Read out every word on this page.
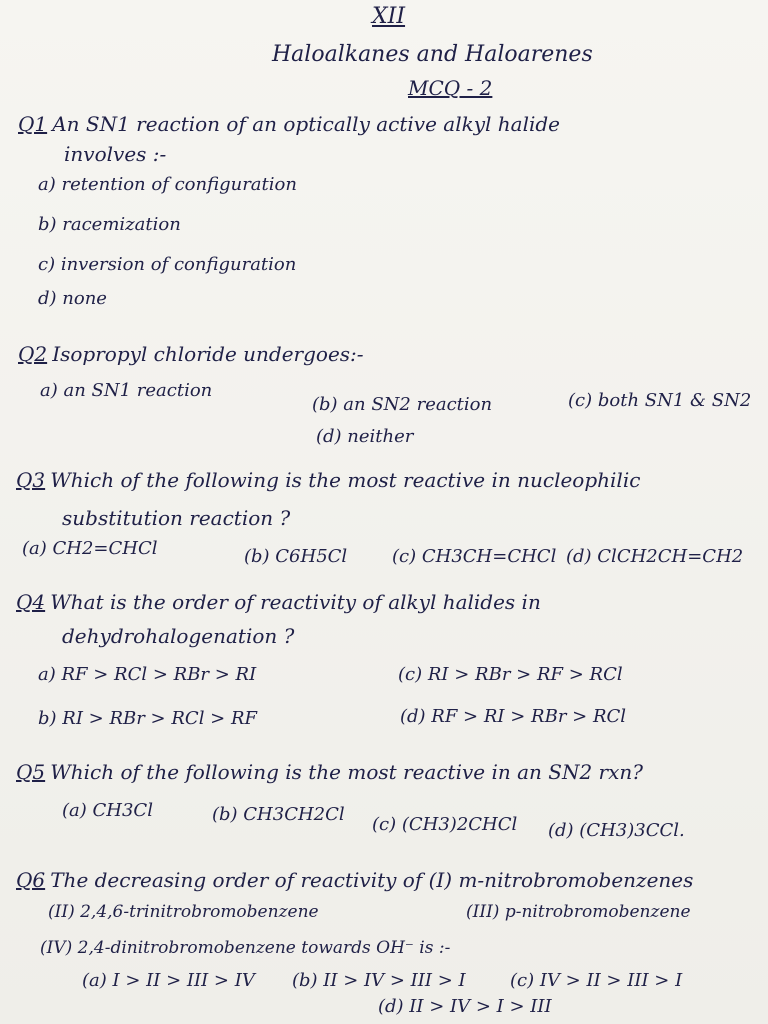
XII
Haloalkanes and Haloarenes
MCQ - 2
Q1 An SN1 reaction of an optically active alkyl halide
involves :-
a) retention of configuration
b) racemization
c) inversion of configuration
d) none
Q2 Isopropyl chloride undergoes:-
a) an SN1 reaction
(b) an SN2 reaction	(c) both SN1 & SN2
(d) neither
Q3 Which of the following is the most reactive in nucleophilic
substitution reaction ?
(a) CH2=CHCl	(b) C6H5Cl (c) CH3CH=CHCl (d) ClCH2CH=CH2
Q4 What is the order of reactivity of alkyl halides in
dehydrohalogenation ?
a) RF > RCl > RBr > RI	(c) RI > RBr > RF > RCl
b) RI > RBr > RCl > RF	(d) RF > RI > RBr > RCl
Q5 Which of the following is the most reactive in an SN2 rxn?
(a) CH3Cl	(b) CH3CH2Cl (c) (CH3)2CHCl (d) (CH3)3CCl.
Q6 The decreasing order of reactivity of (I) m-nitrobromobenzenes
(II) 2,4,6-trinitrobromobenzene	(III) p-nitrobromobenzene
(IV) 2,4-dinitrobromobenzene towards OH⁻ is :-
(a) I > II > III > IV (b) II > IV > III > I (c) IV > II > III > I
(d) II > IV > I > III
